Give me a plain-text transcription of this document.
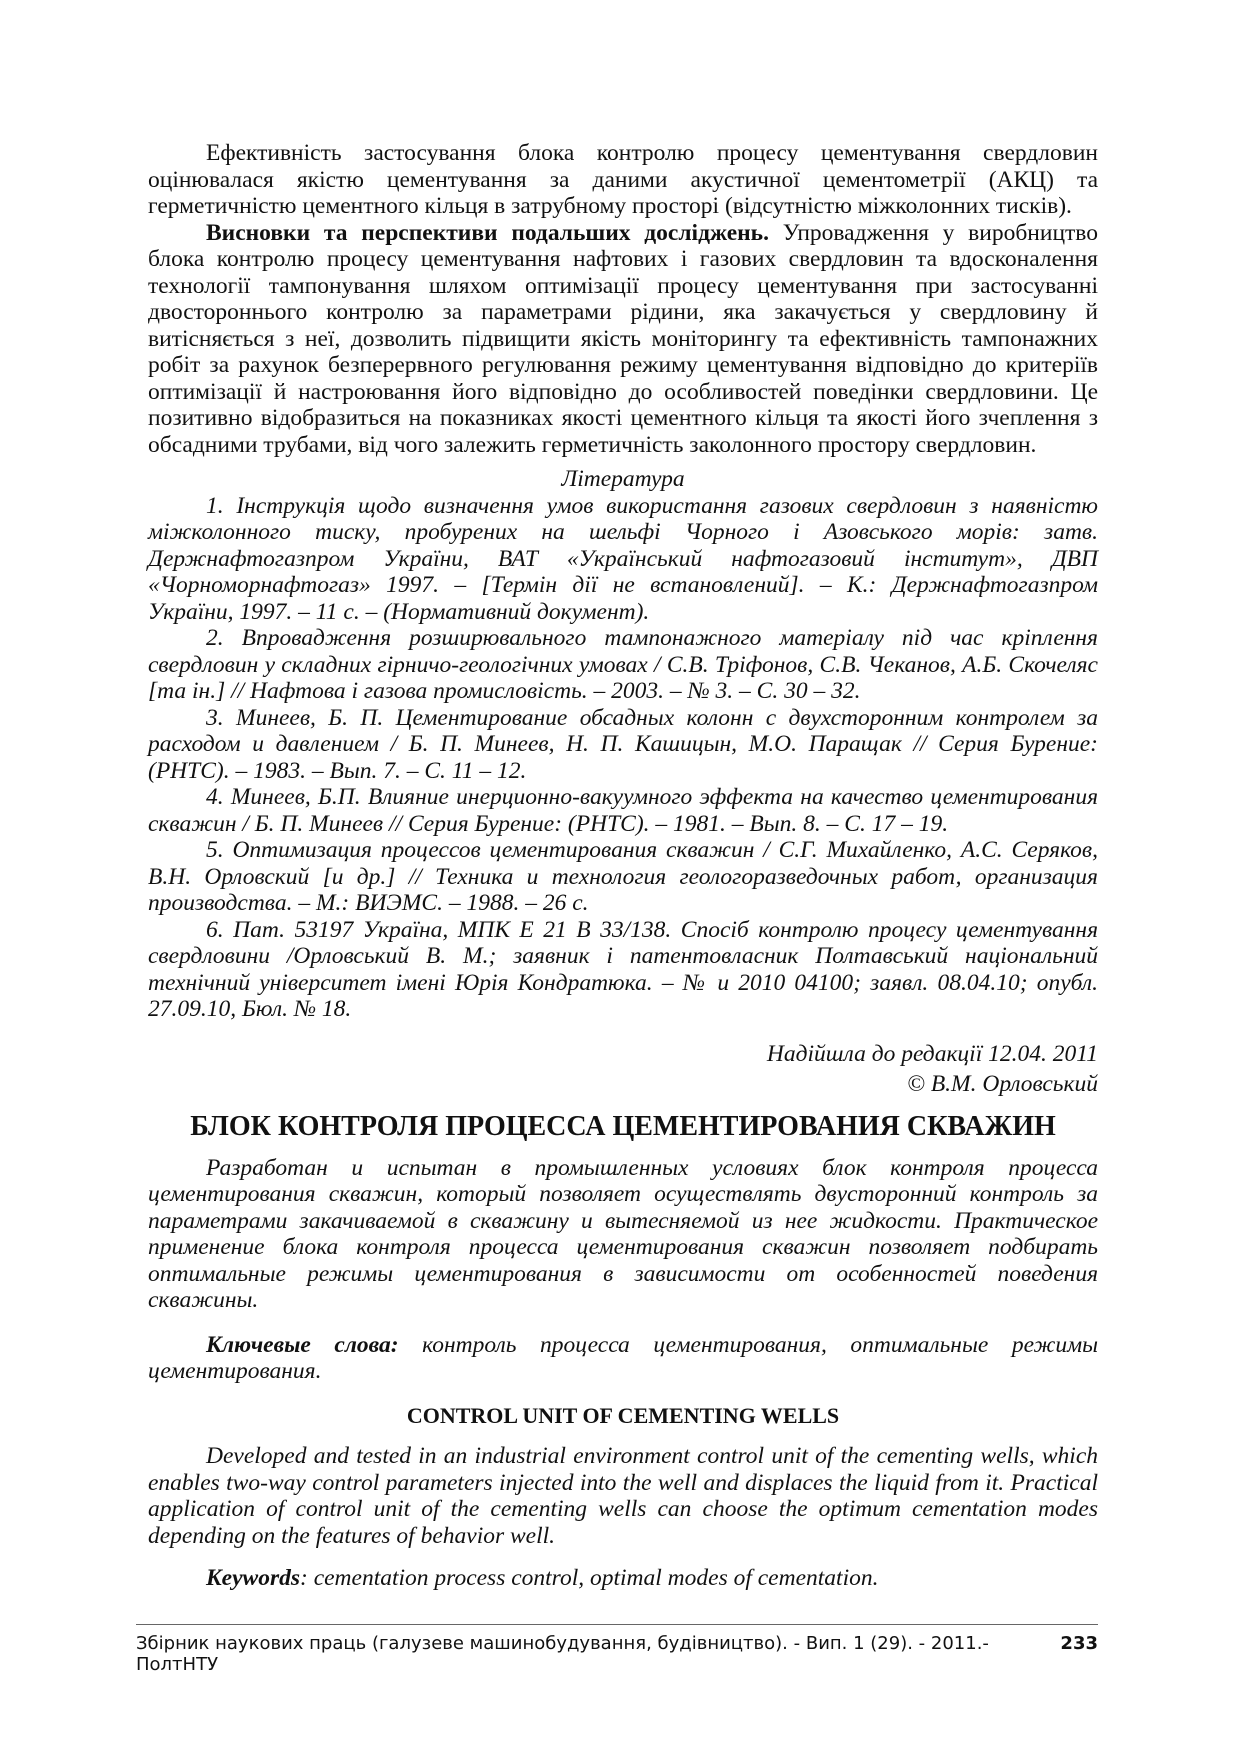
Ефективність застосування блока контролю процесу цементування свердловин оцінювалася якістю цементування за даними акустичної цементометрії (АКЦ) та герметичністю цементного кільця в затрубному просторі (відсутністю міжколонних тисків).

Висновки та перспективи подальших досліджень. Упровадження у виробництво блока контролю процесу цементування нафтових і газових свердловин та вдосконалення технології тампонування шляхом оптимізації процесу цементування при застосуванні двостороннього контролю за параметрами рідини, яка закачується у свердловину й витісняється з неї, дозволить підвищити якість моніторингу та ефективність тампонажних робіт за рахунок безперервного регулювання режиму цементування відповідно до критеріїв оптимізації й настроювання його відповідно до особливостей поведінки свердловини. Це позитивно відобразиться на показниках якості цементного кільця та якості його зчеплення з обсадними трубами, від чого залежить герметичність заколонного простору свердловин.

Література

1. Інструкція щодо визначення умов використання газових свердловин з наявністю міжколонного тиску, пробурених на шельфі Чорного і Азовського морів: затв. Держнафтогазпром України, ВАТ «Український нафтогазовий інститут», ДВП «Чорноморнафтогаз» 1997. – [Термін дії не встановлений]. – К.: Держнафтогазпром України, 1997. – 11 с. – (Нормативний документ).

2. Впровадження розширювального тампонажного матеріалу під час кріплення свердловин у складних гірничо-геологічних умовах / С.В. Тріфонов, С.В. Чеканов, А.Б. Скочеляс [та ін.] // Нафтова і газова промисловість. – 2003. – № 3. – С. 30 – 32.

3. Минеев, Б. П. Цементирование обсадных колонн с двухсторонним контролем за расходом и давлением / Б. П. Минеев, Н. П. Кашицын, М.О. Паращак // Серия Бурение: (РНТС). – 1983. – Вып. 7. – С. 11 – 12.

4. Минеев, Б.П. Влияние инерционно-вакуумного эффекта на качество цементирования скважин / Б. П. Минеев // Серия Бурение: (РНТС). – 1981. – Вып. 8. – С. 17 – 19.

5. Оптимизация процессов цементирования скважин / С.Г. Михайленко, А.С. Серяков, В.Н. Орловский [и др.] // Техника и технология геологоразведочных работ, организация производства. – М.: ВИЭМС. – 1988. – 26 с.

6. Пат. 53197 Україна, МПК Е 21 В 33/138. Спосіб контролю процесу цементування свердловини /Орловський В. М.; заявник і патентовласник Полтавський національний технічний університет імені Юрія Кондратюка. – № и 2010 04100; заявл. 08.04.10; опубл. 27.09.10, Бюл. № 18.

Надійшла до редакції 12.04. 2011
© В.М. Орловський

БЛОК КОНТРОЛЯ ПРОЦЕССА ЦЕМЕНТИРОВАНИЯ СКВАЖИН

Разработан и испытан в промышленных условиях блок контроля процесса цементирования скважин, который позволяет осуществлять двусторонний контроль за параметрами закачиваемой в скважину и вытесняемой из нее жидкости. Практическое применение блока контроля процесса цементирования скважин позволяет подбирать оптимальные режимы цементирования в зависимости от особенностей поведения скважины.

Ключевые слова: контроль процесса цементирования, оптимальные режимы цементирования.

CONTROL UNIT OF CEMENTING WELLS

Developed and tested in an industrial environment control unit of the cementing wells, which enables two-way control parameters injected into the well and displaces the liquid from it. Practical application of control unit of the cementing wells can choose the optimum cementation modes depending on the features of behavior well.

Keywords: cementation process control, optimal modes of cementation.

Збірник наукових праць (галузеве машинобудування, будівництво). - Вип. 1 (29). - 2011.-ПолтНТУ
233
